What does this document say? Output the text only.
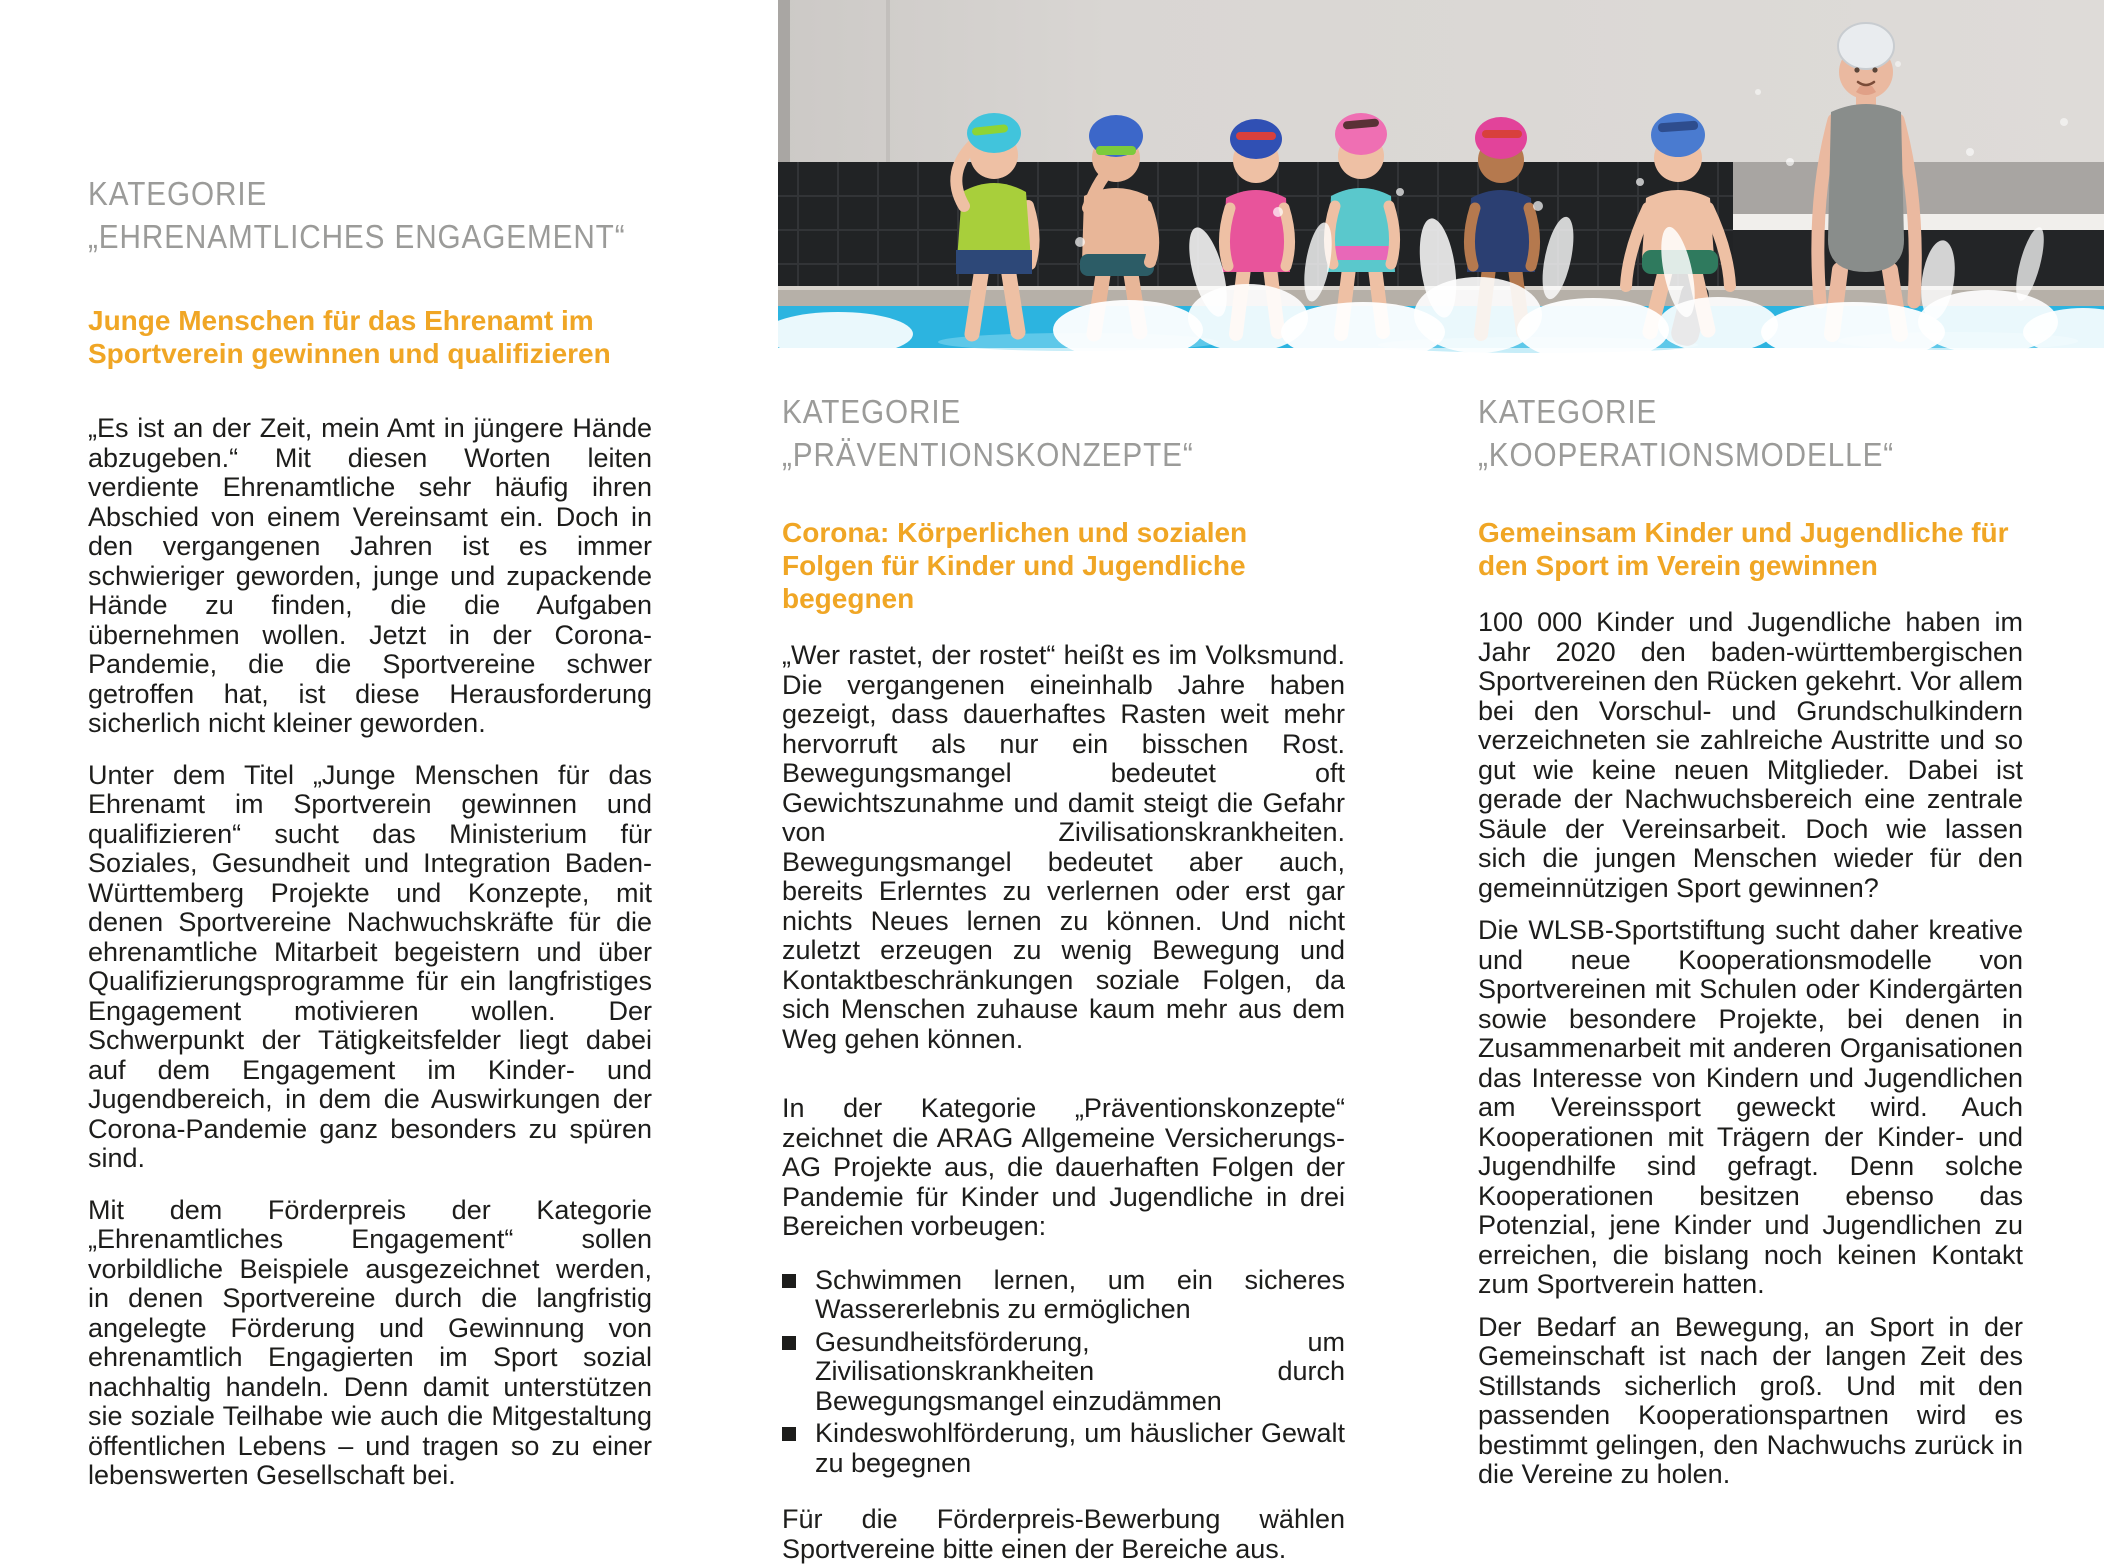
KATEGORIE
„EHRENAMTLICHES ENGAGEMENT“
Junge Menschen für das Ehrenamt im Sportverein gewinnen und qualifizieren

„Es ist an der Zeit, mein Amt in jüngere Hände abzugeben.“ Mit diesen Worten leiten verdiente Ehrenamtliche sehr häufig ihren Abschied von einem Vereinsamt ein. Doch in den vergangenen Jahren ist es immer schwieriger geworden, junge und zupackende Hände zu finden, die die Aufgaben übernehmen wollen. Jetzt in der Corona-Pandemie, die die Sportvereine schwer getroffen hat, ist diese Herausforderung sicherlich nicht kleiner geworden.

Unter dem Titel „Junge Menschen für das Ehrenamt im Sportverein gewinnen und qualifizieren“ sucht das Ministerium für Soziales, Gesundheit und Integration Baden-Württemberg Projekte und Konzepte, mit denen Sportvereine Nachwuchskräfte für die ehrenamtliche Mitarbeit begeistern und über Qualifizierungsprogramme für ein langfristiges Engagement motivieren wollen. Der Schwerpunkt der Tätigkeitsfelder liegt dabei auf dem Engagement im Kinder- und Jugendbereich, in dem die Auswirkungen der Corona-Pandemie ganz besonders zu spüren sind.

Mit dem Förderpreis der Kategorie „Ehrenamtliches Engagement“ sollen vorbildliche Beispiele ausgezeichnet werden, in denen Sportvereine durch die langfristig angelegte Förderung und Gewinnung von ehrenamtlich Engagierten im Sport sozial nachhaltig handeln. Denn damit unterstützen sie soziale Teilhabe wie auch die Mitgestaltung öffentlichen Lebens – und tragen so zu einer lebenswerten Gesellschaft bei.

KATEGORIE
„PRÄVENTIONSKONZEPTE“
Corona: Körperlichen und sozialen Folgen für Kinder und Jugendliche begegnen

„Wer rastet, der rostet“ heißt es im Volksmund. Die vergangenen eineinhalb Jahre haben gezeigt, dass dauerhaftes Rasten weit mehr hervorruft als nur ein bisschen Rost. Bewegungsmangel bedeutet oft Gewichtszunahme und damit steigt die Gefahr von Zivilisationskrankheiten. Bewegungsmangel bedeutet aber auch, bereits Erlerntes zu verlernen oder erst gar nichts Neues lernen zu können. Und nicht zuletzt erzeugen zu wenig Bewegung und Kontaktbeschränkungen soziale Folgen, da sich Menschen zuhause kaum mehr aus dem Weg gehen können.

In der Kategorie „Präventionskonzepte“ zeichnet die ARAG Allgemeine Versicherungs-AG Projekte aus, die dauerhaften Folgen der Pandemie für Kinder und Jugendliche in drei Bereichen vorbeugen:

Schwimmen lernen, um ein sicheres Wassererlebnis zu ermöglichen
Gesundheitsförderung, um Zivilisationskrankheiten durch Bewegungsmangel einzudämmen
Kindeswohlförderung, um häuslicher Gewalt zu begegnen

Für die Förderpreis-Bewerbung wählen Sportvereine bitte einen der Bereiche aus.

KATEGORIE
„KOOPERATIONSMODELLE“
Gemeinsam Kinder und Jugendliche für den Sport im Verein gewinnen

100 000 Kinder und Jugendliche haben im Jahr 2020 den baden-württembergischen Sportvereinen den Rücken gekehrt. Vor allem bei den Vorschul- und Grundschulkindern verzeichneten sie zahlreiche Austritte und so gut wie keine neuen Mitglieder. Dabei ist gerade der Nachwuchsbereich eine zentrale Säule der Vereinsarbeit. Doch wie lassen sich die jungen Menschen wieder für den gemeinnützigen Sport gewinnen?

Die WLSB-Sportstiftung sucht daher kreative und neue Kooperationsmodelle von Sportvereinen mit Schulen oder Kindergärten sowie besondere Projekte, bei denen in Zusammenarbeit mit anderen Organisationen das Interesse von Kindern und Jugendlichen am Vereinssport geweckt wird. Auch Kooperationen mit Trägern der Kinder- und Jugendhilfe sind gefragt. Denn solche Kooperationen besitzen ebenso das Potenzial, jene Kinder und Jugendlichen zu erreichen, die bislang noch keinen Kontakt zum Sportverein hatten.

Der Bedarf an Bewegung, an Sport in der Gemeinschaft ist nach der langen Zeit des Stillstands sicherlich groß. Und mit den passenden Kooperationspartnen wird es bestimmt gelingen, den Nachwuchs zurück in die Vereine zu holen.
